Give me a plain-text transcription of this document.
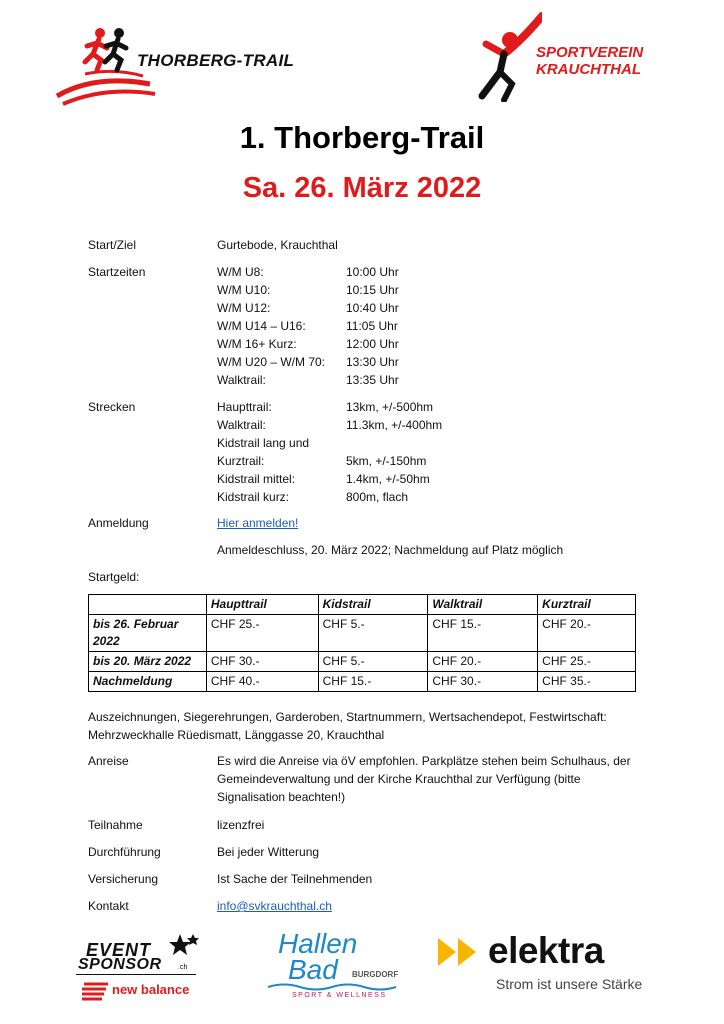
THORBERG-TRAIL	SPORTVEREIN
KRAUCHTHAL
1. Thorberg-Trail
Sa. 26. März 2022
Start/Ziel	Gurtebode, Krauchthal
Startzeiten	W/M U8:	10:00 Uhr
W/M U10:	10:15 Uhr
W/M U12:	10:40 Uhr
W/M U14 – U16:	11:05 Uhr
W/M 16+ Kurz:	12:00 Uhr
W/M U20 – W/M 70:	13:30 Uhr
Walktrail:	13:35 Uhr
Strecken	Haupttrail:	13km, +/-500hm
Walktrail:	11.3km, +/-400hm
Kidstrail lang und
Kurztrail:	5km, +/-150hm
Kidstrail mittel:	1.4km, +/-50hm
Kidstrail kurz:	800m, flach
Anmeldung	Hier anmelden!
Anmeldeschluss, 20. März 2022; Nachmeldung auf Platz möglich
Startgeld:
	Haupttrail	Kidstrail	Walktrail	Kurztrail
bis 26. Februar 2022	CHF 25.-	CHF 5.-	CHF 15.-	CHF 20.-
bis 20. März 2022	CHF 30.-	CHF 5.-	CHF 20.-	CHF 25.-
Nachmeldung	CHF 40.-	CHF 15.-	CHF 30.-	CHF 35.-
Auszeichnungen, Siegerehrungen, Garderoben, Startnummern, Wertsachendepot, Festwirtschaft: Mehrzweckhalle Rüedismatt, Länggasse 20, Krauchthal
Anreise	Es wird die Anreise via öV empfohlen. Parkplätze stehen beim Schulhaus, der Gemeindeverwaltung und der Kirche Krauchthal zur Verfügung (bitte Signalisation beachten!)
Teilnahme	lizenzfrei
Durchführung	Bei jeder Witterung
Versicherung	Ist Sache der Teilnehmenden
Kontakt	info@svkrauchthal.ch
EVENT
SPONSOR .ch
new balance
Hallen
Bad BURGDORF
SPORT & WELLNESS
elektra
Strom ist unsere Stärke
